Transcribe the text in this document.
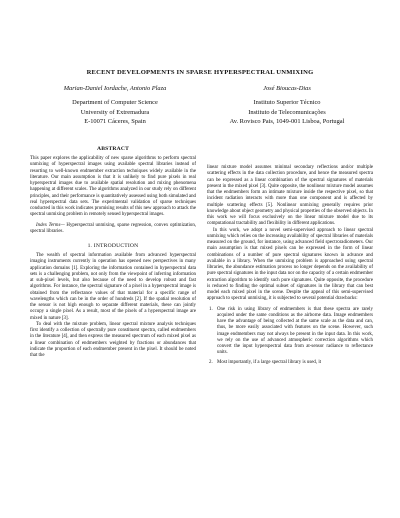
RECENT DEVELOPMENTS IN SPARSE HYPERSPECTRAL UNMIXING
Marian-Daniel Iordache, Antonio Plaza	José Bioucas-Dias
Department of Computer Science
University of Extremadura
E-10071 Cáceres, Spain
Instituto Superior Técnico
Instituto de Telecomunicações
Av. Rovisco Pais, 1049-001 Lisboa, Portugal
ABSTRACT

This paper explores the applicability of new sparse algorithms to perform spectral unmixing of hyperspectral images using available spectral libraries instead of resorting to well-known endmember extraction techniques widely available in the literature. Our main assumption is that it is unlikely to find pure pixels in real hyperspectral images due to available spatial resolution and mixing phenomena happening at different scales. The algorithms analyzed in our study rely on different principles, and their performance is quantitatively assessed using both simulated and real hyperspectral data sets. The experimental validation of sparse techniques conducted in this work indicates promising results of this new approach to attack the spectral unmixing problem in remotely sensed hyperspectral images.

Index Terms— Hyperspectral unmixing, sparse regression, convex optimization, spectral libraries.

1. INTRODUCTION

The wealth of spectral information available from advanced hyperspectral imaging instruments currently in operation has opened new perspectives in many application domains [1]. Exploring the information contained in hyperspectral data sets is a challenging problem, not only from the viewpoint of inferring information at sub-pixel levels, but also because of the need to develop robust and fast algorithms. For instance, the spectral signature of a pixel in a hyperspectral image is obtained from the reflectance values of that material for a specific range of wavelengths which can be in the order of hundreds [2]. If the spatial resolution of the sensor is not high enough to separate different materials, these can jointly occupy a single pixel. As a result, most of the pixels of a hyperspectral image are mixed in nature [3].

To deal with the mixture problem, linear spectral mixture analysis techniques first identify a collection of spectrally pure constituent spectra, called endmembers in the literature [4], and then express the measured spectrum of each mixed pixel as a linear combination of endmembers weighted by fractions or abundances that indicate the proportion of each endmember present in the pixel. It should be noted that the

linear mixture model assumes minimal secondary reflections and/or multiple scattering effects in the data collection procedure, and hence the measured spectra can be expressed as a linear combination of the spectral signatures of materials present in the mixed pixel [3]. Quite opposite, the nonlinear mixture model assumes that the endmembers form an intimate mixture inside the respective pixel, so that incident radiation interacts with more than one component and is affected by multiple scattering effects [5]. Nonlinear unmixing generally requires prior knowledge about object geometry and physical properties of the observed objects. In this work we will focus exclusively on the linear mixture model due to its computational tractability and flexibility in different applications.

In this work, we adopt a novel semi-supervised approach to linear spectral unmixing which relies on the increasing availability of spectral libraries of materials measured on the ground, for instance, using advanced field spectroradiometers. Our main assumption is that mixed pixels can be expressed in the form of linear combinations of a number of pure spectral signatures known in advance and available in a library. When the unmixing problem is approached using spectral libraries, the abundance estimation process no longer depends on the availability of pure spectral signatures in the input data nor on the capacity of a certain endmember extraction algorithm to identify such pure signatures. Quite opposite, the procedure is reduced to finding the optimal subset of signatures in the library that can best model each mixed pixel in the scene. Despite the appeal of this semi-supervised approach to spectral unmixing, it is subjected to several potential drawbacks:

1. One risk in using library of endmembers is that these spectra are rarely acquired under the same conditions as the airborne data. Image endmembers have the advantage of being collected at the same scale as the data and can, thus, be more easily associated with features on the scene. However, such image endmembers may not always be present in the input data. In this work, we rely on the use of advanced atmospheric correction algorithms which convert the input hyperspectral data from at-sensor radiance to reflectance units.
2. Most importantly, if a large spectral library is used, it
